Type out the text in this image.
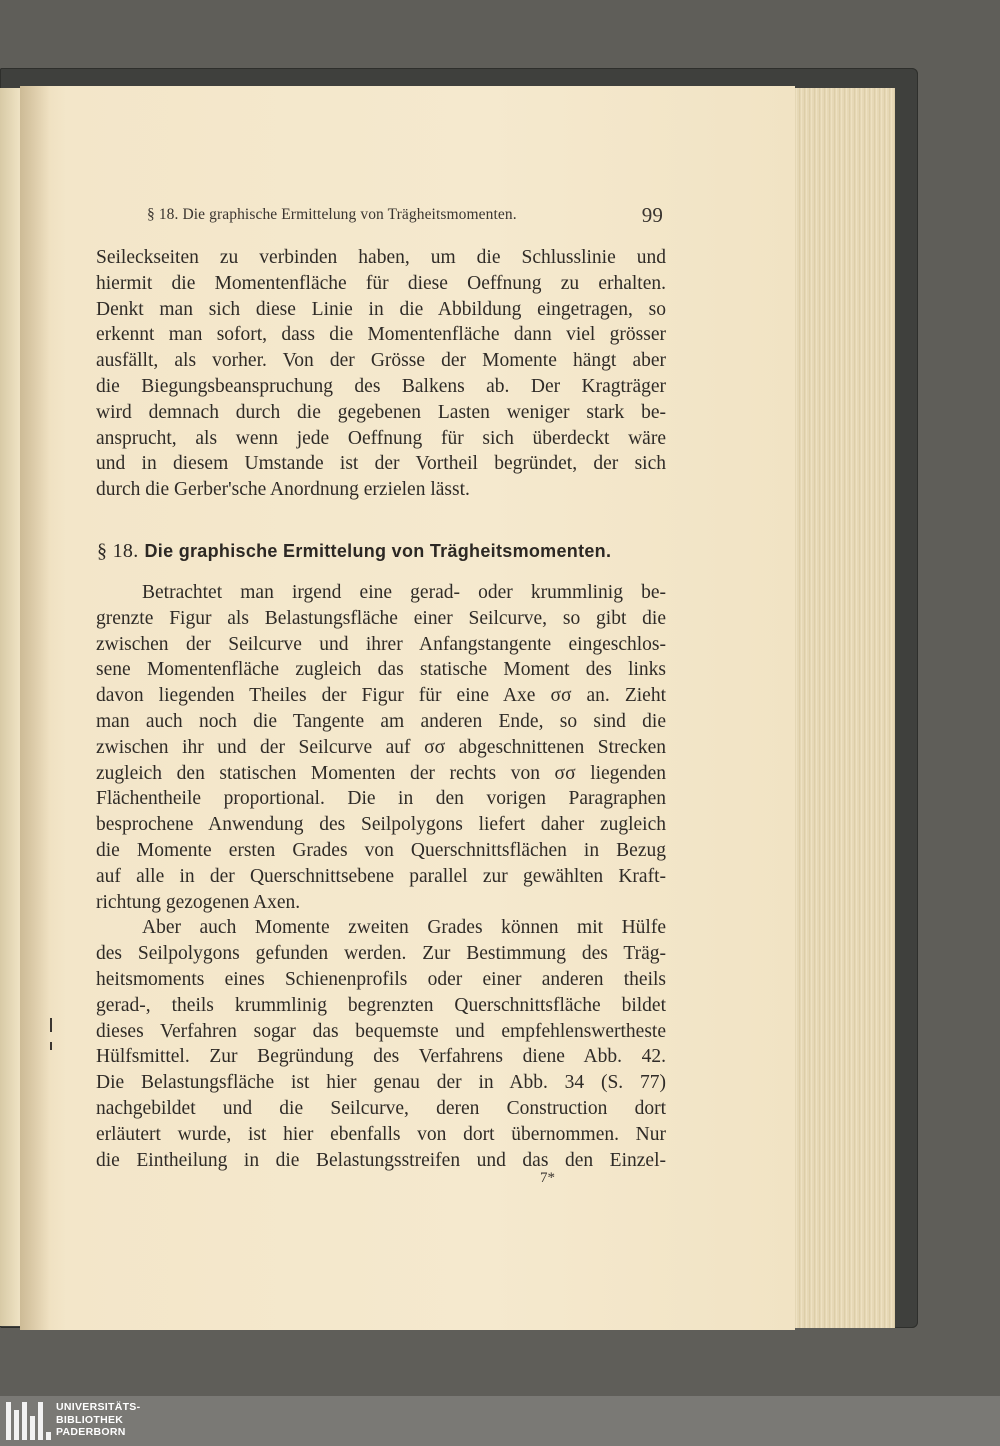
§ 18. Die graphische Ermittelung von Trägheitsmomenten.	99
Seileckseiten zu verbinden haben, um die Schlusslinie und
hiermit die Momentenfläche für diese Oeffnung zu erhalten.
Denkt man sich diese Linie in die Abbildung eingetragen, so
erkennt man sofort, dass die Momentenfläche dann viel grösser
ausfällt, als vorher. Von der Grösse der Momente hängt aber
die Biegungsbeanspruchung des Balkens ab. Der Kragträger
wird demnach durch die gegebenen Lasten weniger stark be-
ansprucht, als wenn jede Oeffnung für sich überdeckt wäre
und in diesem Umstande ist der Vortheil begründet, der sich
durch die Gerber'sche Anordnung erzielen lässt.
§ 18. Die graphische Ermittelung von Trägheitsmomenten.
Betrachtet man irgend eine gerad- oder krummlinig be-
grenzte Figur als Belastungsfläche einer Seilcurve, so gibt die
zwischen der Seilcurve und ihrer Anfangstangente eingeschlos-
sene Momentenfläche zugleich das statische Moment des links
davon liegenden Theiles der Figur für eine Axe σσ an. Zieht
man auch noch die Tangente am anderen Ende, so sind die
zwischen ihr und der Seilcurve auf σσ abgeschnittenen Strecken
zugleich den statischen Momenten der rechts von σσ liegenden
Flächentheile proportional. Die in den vorigen Paragraphen
besprochene Anwendung des Seilpolygons liefert daher zugleich
die Momente ersten Grades von Querschnittsflächen in Bezug
auf alle in der Querschnittsebene parallel zur gewählten Kraft-
richtung gezogenen Axen.
Aber auch Momente zweiten Grades können mit Hülfe
des Seilpolygons gefunden werden. Zur Bestimmung des Träg-
heitsmoments eines Schienenprofils oder einer anderen theils
gerad-, theils krummlinig begrenzten Querschnittsfläche bildet
dieses Verfahren sogar das bequemste und empfehlenswertheste
Hülfsmittel. Zur Begründung des Verfahrens diene Abb. 42.
Die Belastungsfläche ist hier genau der in Abb. 34 (S. 77)
nachgebildet und die Seilcurve, deren Construction dort
erläutert wurde, ist hier ebenfalls von dort übernommen. Nur
die Eintheilung in die Belastungsstreifen und das den Einzel-
7*
UNIVERSITÄTS-
BIBLIOTHEK
PADERBORN
